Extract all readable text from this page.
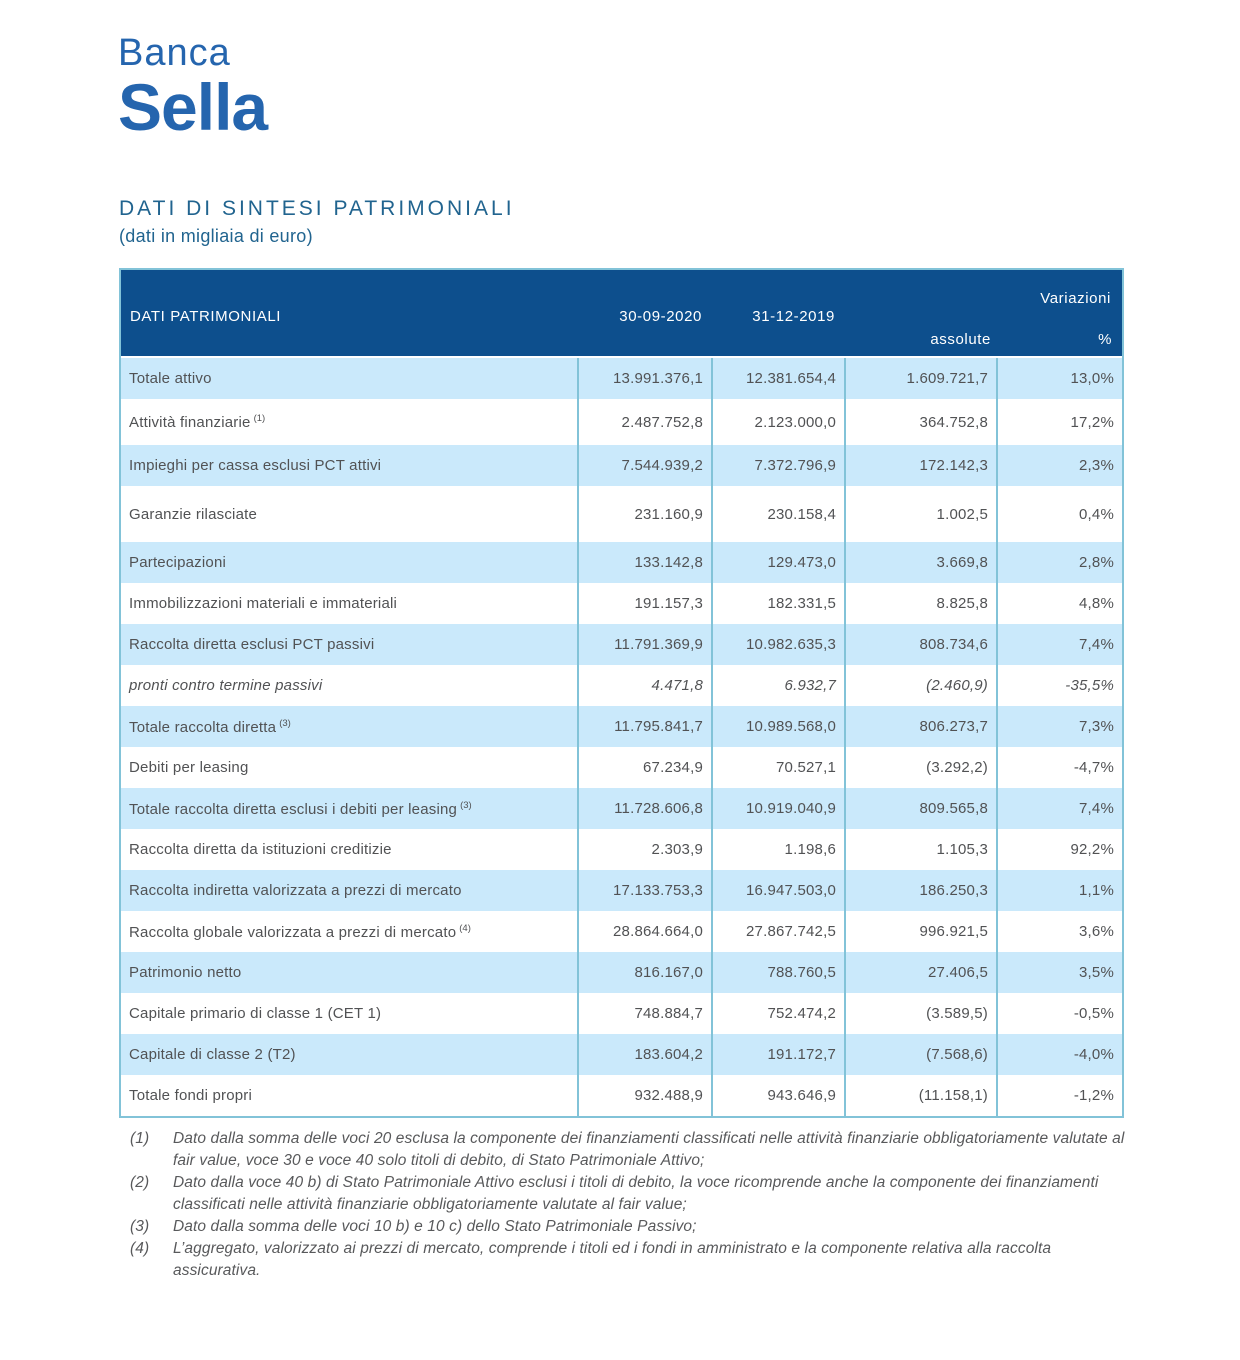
Banca
Sella
DATI DI SINTESI PATRIMONIALI
(dati in migliaia di euro)
DATI PATRIMONIALI	30-09-2020	31-12-2019
Variazioni
assolute	%
Totale attivo	13.991.376,1	12.381.654,4	1.609.721,7	13,0%
Attività finanziarie $^{(1)}$	2.487.752,8	2.123.000,0	364.752,8	17,2%
Impieghi per cassa esclusi PCT attivi	7.544.939,2	7.372.796,9	172.142,3	2,3%
Garanzie rilasciate	231.160,9	230.158,4	1.002,5	0,4%
Partecipazioni	133.142,8	129.473,0	3.669,8	2,8%
Immobilizzazioni materiali e immateriali	191.157,3	182.331,5	8.825,8	4,8%
Raccolta diretta esclusi PCT passivi	11.791.369,9	10.982.635,3	808.734,6	7,4%
pronti contro termine passivi	4.471,8	6.932,7	(2.460,9)	-35,5%
Totale raccolta diretta $^{(3)}$	11.795.841,7	10.989.568,0	806.273,7	7,3%
Debiti per leasing	67.234,9	70.527,1	(3.292,2)	-4,7%
Totale raccolta diretta esclusi i debiti per leasing $^{(3)}$	11.728.606,8	10.919.040,9	809.565,8	7,4%
Raccolta diretta da istituzioni creditizie	2.303,9	1.198,6	1.105,3	92,2%
Raccolta indiretta valorizzata a prezzi di mercato	17.133.753,3	16.947.503,0	186.250,3	1,1%
Raccolta globale valorizzata a prezzi di mercato $^{(4)}$	28.864.664,0	27.867.742,5	996.921,5	3,6%
Patrimonio netto	816.167,0	788.760,5	27.406,5	3,5%
Capitale primario di classe 1 (CET 1)	748.884,7	752.474,2	(3.589,5)	-0,5%
Capitale di classe 2 (T2)	183.604,2	191.172,7	(7.568,6)	-4,0%
Totale fondi propri	932.488,9	943.646,9	(11.158,1)	-1,2%
(1)	Dato dalla somma delle voci 20 esclusa la componente dei finanziamenti classificati nelle attività finanziarie obbligatoriamente valutate al fair value, voce 30 e voce 40 solo titoli di debito, di Stato Patrimoniale Attivo;
(2)	Dato dalla voce 40 b) di Stato Patrimoniale Attivo esclusi i titoli di debito, la voce ricomprende anche la componente dei finanziamenti classificati nelle attività finanziarie obbligatoriamente valutate al fair value;
(3)	Dato dalla somma delle voci 10 b) e 10 c) dello Stato Patrimoniale Passivo;
(4)	L’aggregato, valorizzato ai prezzi di mercato, comprende i titoli ed i fondi in amministrato e la componente relativa alla raccolta assicurativa.
